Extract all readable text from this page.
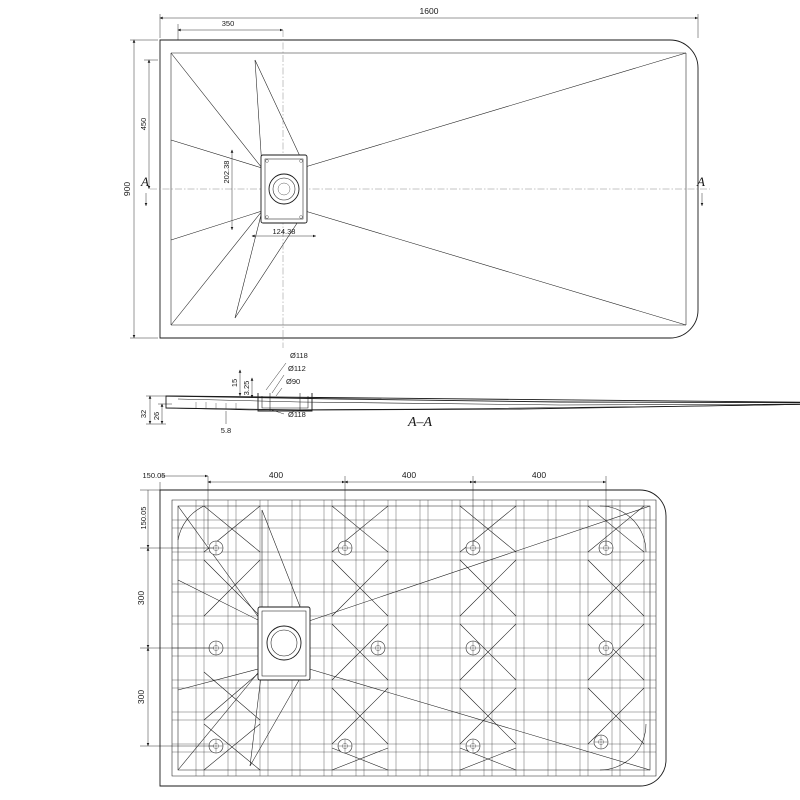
1600
350
900
450
202.38
124.38
A	A
Ø118
Ø112
Ø90
Ø118
15 3.25
32 26
5.8
A–A
400	400	400
150.05
150.05
300
300
